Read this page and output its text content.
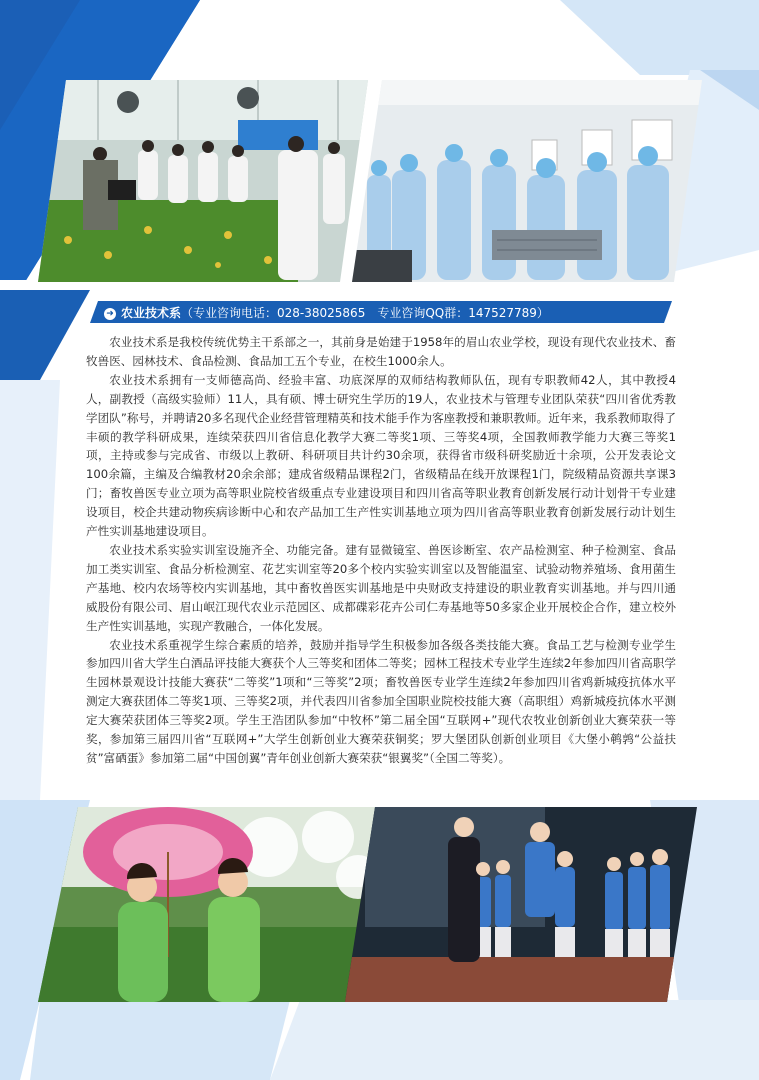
➜ 农业技术系（专业咨询电话：028-38025865　专业咨询QQ群：147527789）

农业技术系是我校传统优势主干系部之一，其前身是始建于1958年的眉山农业学校，现设有现代农业技术、畜牧兽医、园林技术、食品检测、食品加工五个专业，在校生1000余人。

农业技术系拥有一支师德高尚、经验丰富、功底深厚的双师结构教师队伍，现有专职教师42人，其中教授4人，副教授（高级实验师）11人，具有硕、博士研究生学历的19人，农业技术与管理专业团队荣获“四川省优秀教学团队”称号，并聘请20多名现代企业经营管理精英和技术能手作为客座教授和兼职教师。近年来，我系教师取得了丰硕的教学科研成果，连续荣获四川省信息化教学大赛二等奖1项、三等奖4项，全国教师教学能力大赛三等奖1项，主持或参与完成省、市级以上教研、科研项目共计约30余项，获得省市级科研奖励近十余项，公开发表论文100余篇，主编及合编教材20余余部；建成省级精品课程2门，省级精品在线开放课程1门，院级精品资源共享课3门；畜牧兽医专业立项为高等职业院校省级重点专业建设项目和四川省高等职业教育创新发展行动计划骨干专业建设项目，校企共建动物疾病诊断中心和农产品加工生产性实训基地立项为四川省高等职业教育创新发展行动计划生产性实训基地建设项目。

农业技术系实验实训室设施齐全、功能完备。建有显微镜室、兽医诊断室、农产品检测室、种子检测室、食品加工类实训室、食品分析检测室、花艺实训室等20多个校内实验实训室以及智能温室、试验动物养殖场、食用菌生产基地、校内农场等校内实训基地，其中畜牧兽医实训基地是中央财政支持建设的职业教育实训基地。并与四川通威股份有限公司、眉山岷江现代农业示范园区、成都碟彩花卉公司仁寿基地等50多家企业开展校企合作，建立校外生产性实训基地，实现产教融合，一体化发展。

农业技术系重视学生综合素质的培养，鼓励并指导学生积极参加各级各类技能大赛。食品工艺与检测专业学生参加四川省大学生白酒品评技能大赛获个人三等奖和团体二等奖；园林工程技术专业学生连续2年参加四川省高职学生园林景观设计技能大赛获“二等奖”1项和“三等奖”2项；畜牧兽医专业学生连续2年参加四川省鸡新城疫抗体水平测定大赛获团体二等奖1项、三等奖2项，并代表四川省参加全国职业院校技能大赛（高职组）鸡新城疫抗体水平测定大赛荣获团体三等奖2项。学生王浩团队参加“中牧杯”第二届全国“互联网+”现代农牧业创新创业大赛荣获一等奖，参加第三届四川省“互联网+”大学生创新创业大赛荣获铜奖；罗大堡团队创新创业项目《大堡小鹌鹑“公益扶贫”富硒蛋》参加第二届“中国创翼”青年创业创新大赛荣获“银翼奖”（全国二等奖）。
